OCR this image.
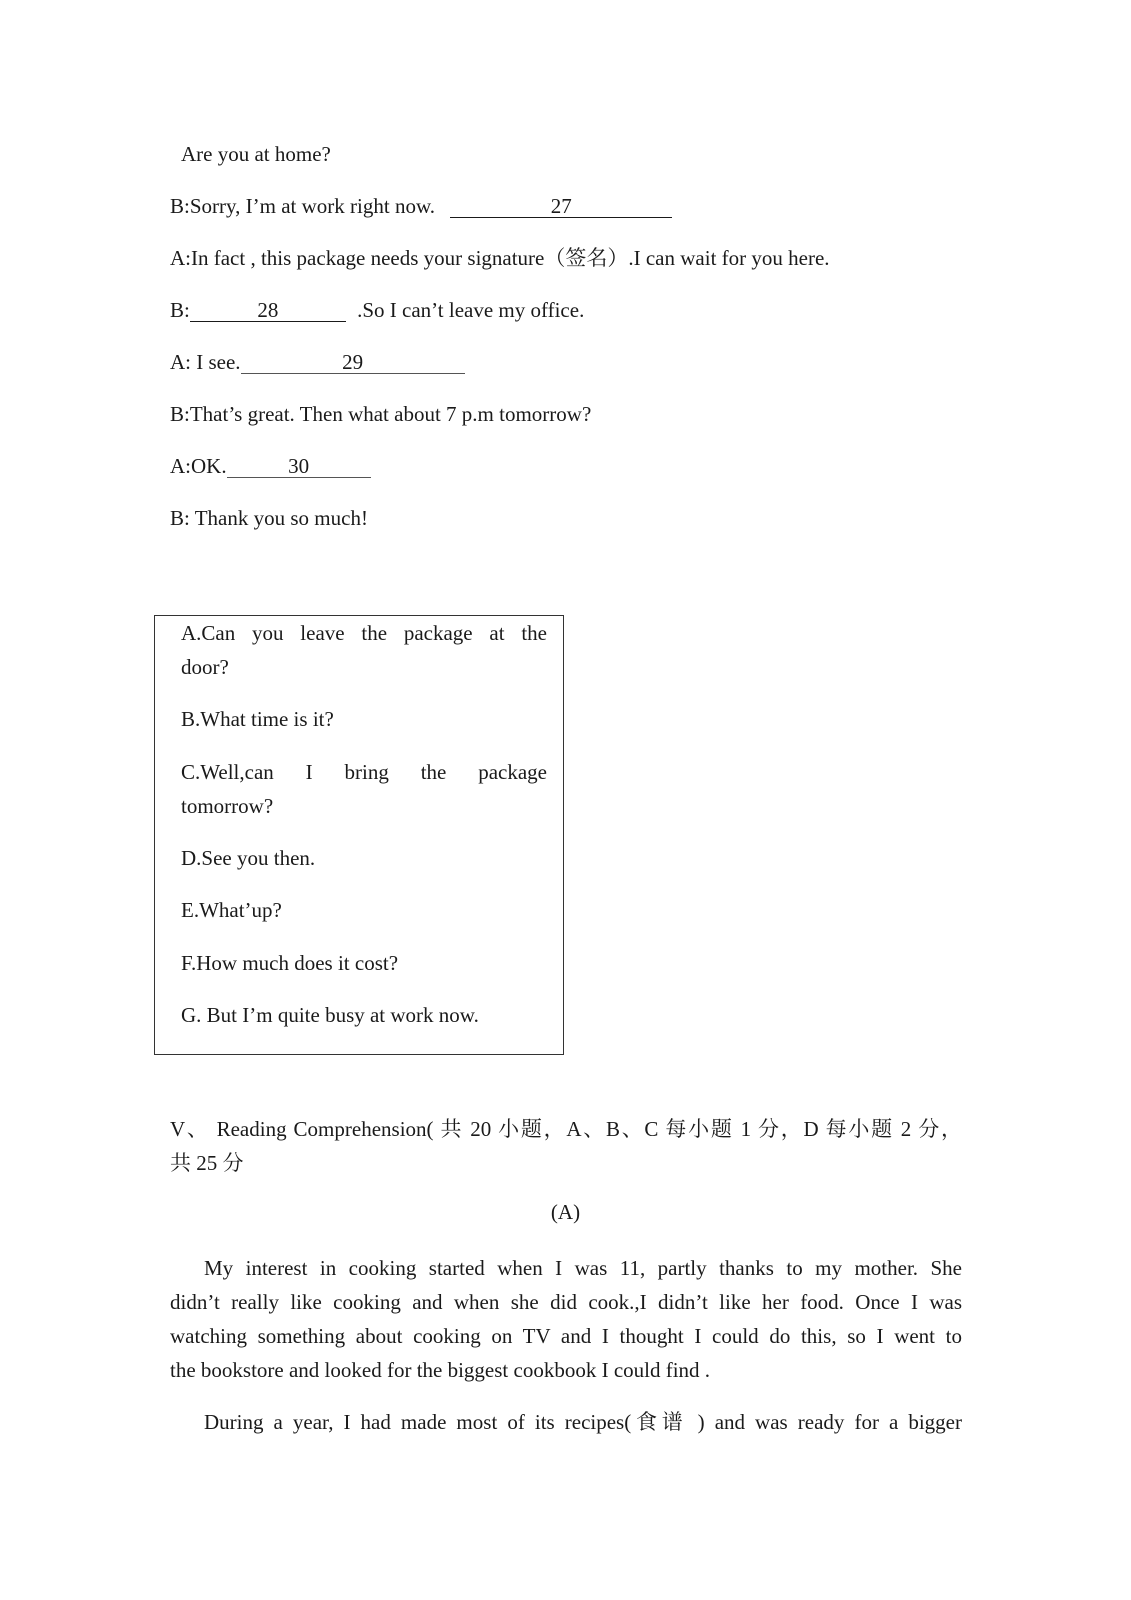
Are you at home?
B:Sorry, I’m at work right now.	27
A:In fact , this package needs your signature（签名）.I can wait for you here.
B:	28	.So I can’t leave my office.
A: I see.	29
B:That’s great. Then what about 7 p.m tomorrow?
A:OK.	30
B: Thank you so much!
A.Can you leave the package at the
door?
B.What time is it?
C.Well,can I bring the package
tomorrow?
D.See you then.
E.What’up?
F.How much does it cost?
G. But I’m quite busy at work now.
V、 Reading Comprehension( 共 20 小题，A、B、C 每小题 1 分，D 每小题 2 分，
共 25 分
(A)
My interest in cooking started when I was 11, partly thanks to my mother. She
didn’t really like cooking and when she did cook.,I didn’t like her food. Once I was
watching something about cooking on TV and I thought I could do this, so I went to
the bookstore and looked for the biggest cookbook I could find .
During a year, I had made most of its recipes(食谱 ) and was ready for a bigger
